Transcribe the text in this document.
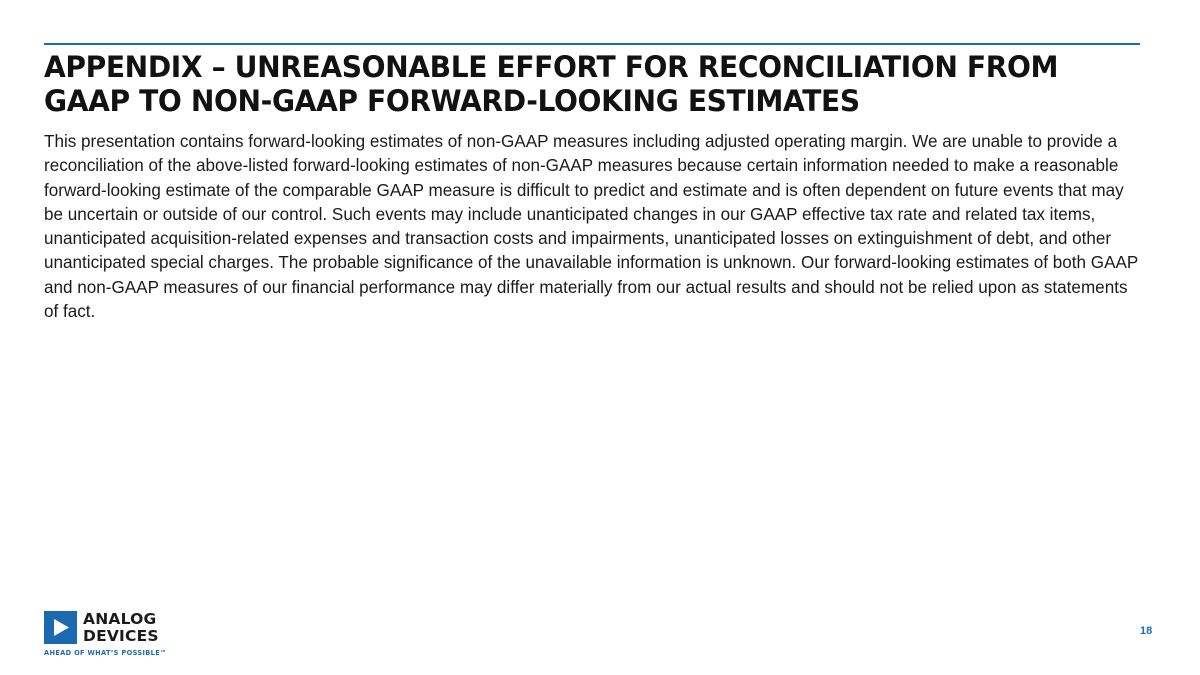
APPENDIX – UNREASONABLE EFFORT FOR RECONCILIATION FROM
GAAP TO NON-GAAP FORWARD-LOOKING ESTIMATES
This presentation contains forward-looking estimates of non-GAAP measures including adjusted operating margin. We are unable to provide a reconciliation of the above-listed forward-looking estimates of non-GAAP measures because certain information needed to make a reasonable forward-looking estimate of the comparable GAAP measure is difficult to predict and estimate and is often dependent on future events that may be uncertain or outside of our control. Such events may include unanticipated changes in our GAAP effective tax rate and related tax items, unanticipated acquisition-related expenses and transaction costs and impairments, unanticipated losses on extinguishment of debt, and other unanticipated special charges. The probable significance of the unavailable information is unknown. Our forward-looking estimates of both GAAP and non-GAAP measures of our financial performance may differ materially from our actual results and should not be relied upon as statements of fact.
ANALOG
DEVICES
AHEAD OF WHAT’S POSSIBLE™
18
